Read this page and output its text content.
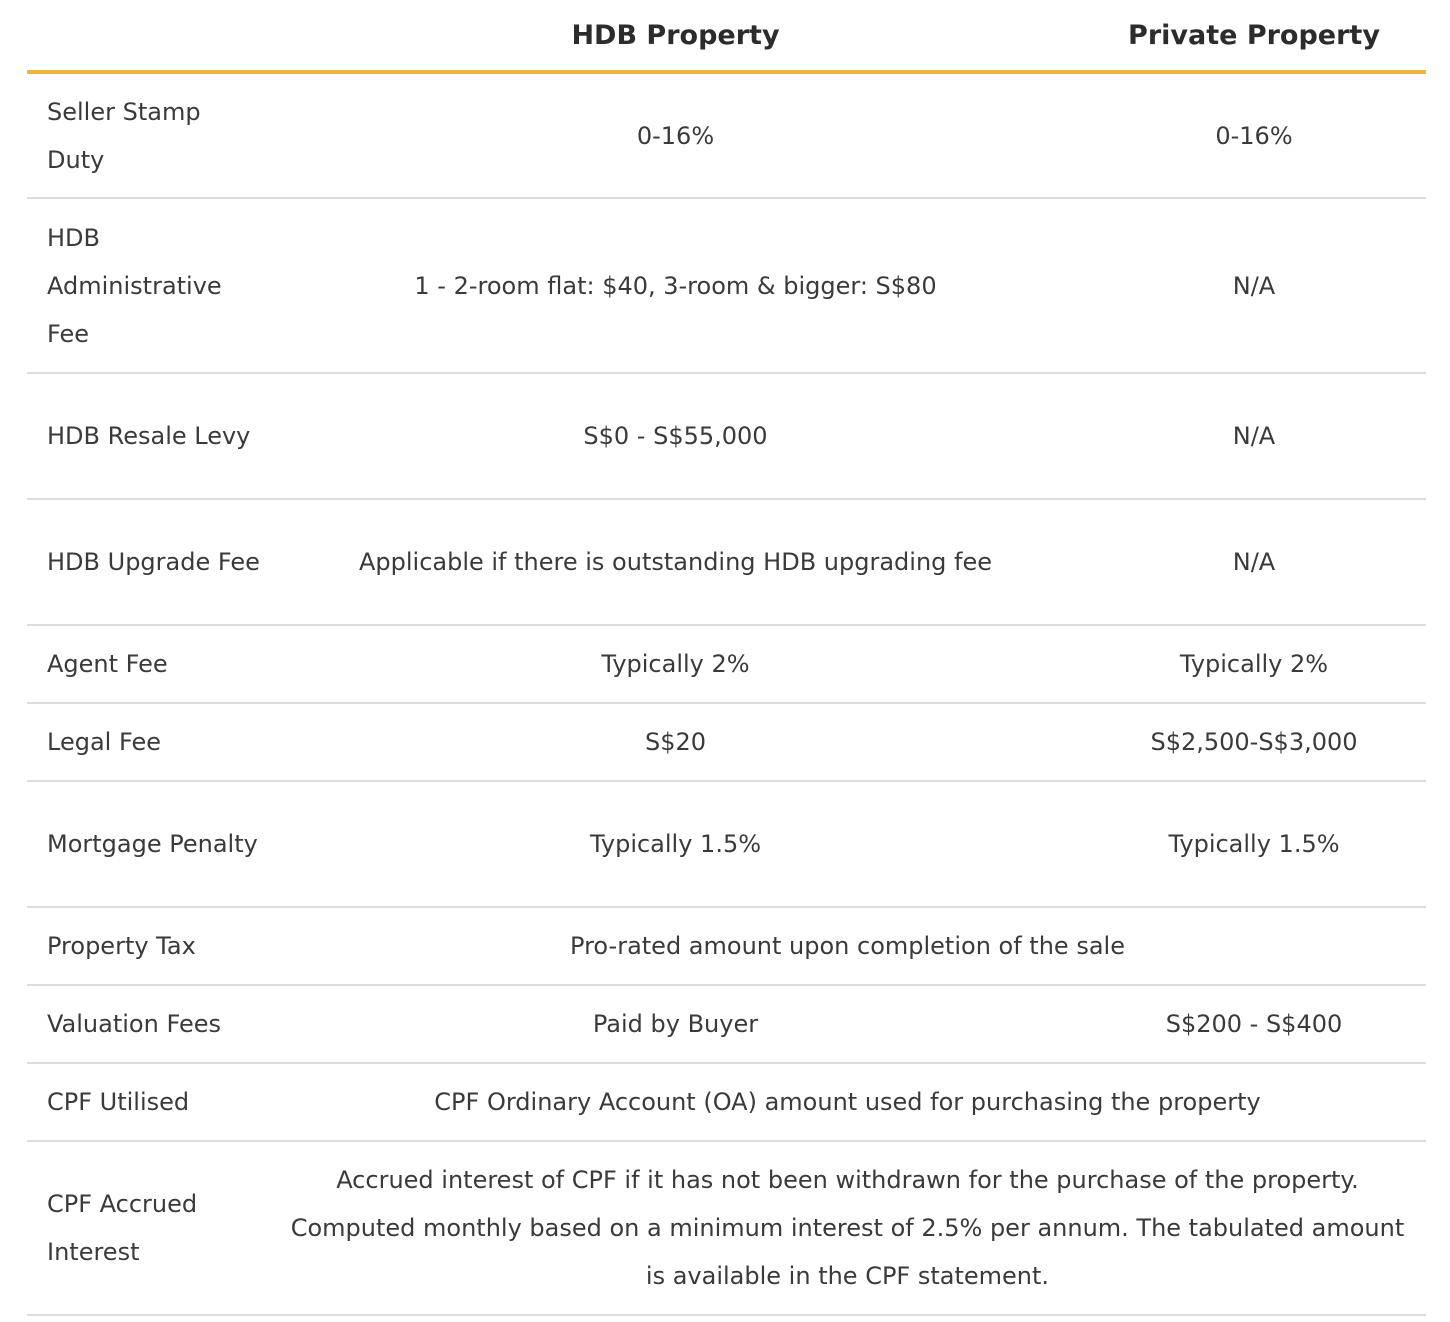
	HDB Property	Private Property
Seller Stamp Duty	0-16%	0-16%
HDB Administrative Fee	1 - 2-room flat: $40, 3-room & bigger: S$80	N/A
HDB Resale Levy	S$0 - S$55,000	N/A
HDB Upgrade Fee	Applicable if there is outstanding HDB upgrading fee	N/A
Agent Fee	Typically 2%	Typically 2%
Legal Fee	S$20	S$2,500-S$3,000
Mortgage Penalty	Typically 1.5%	Typically 1.5%
Property Tax	Pro-rated amount upon completion of the sale	
Valuation Fees	Paid by Buyer	S$200 - S$400
CPF Utilised	CPF Ordinary Account (OA) amount used for purchasing the property	
CPF Accrued Interest	Accrued interest of CPF if it has not been withdrawn for the purchase of the property. Computed monthly based on a minimum interest of 2.5% per annum. The tabulated amount is available in the CPF statement.	
